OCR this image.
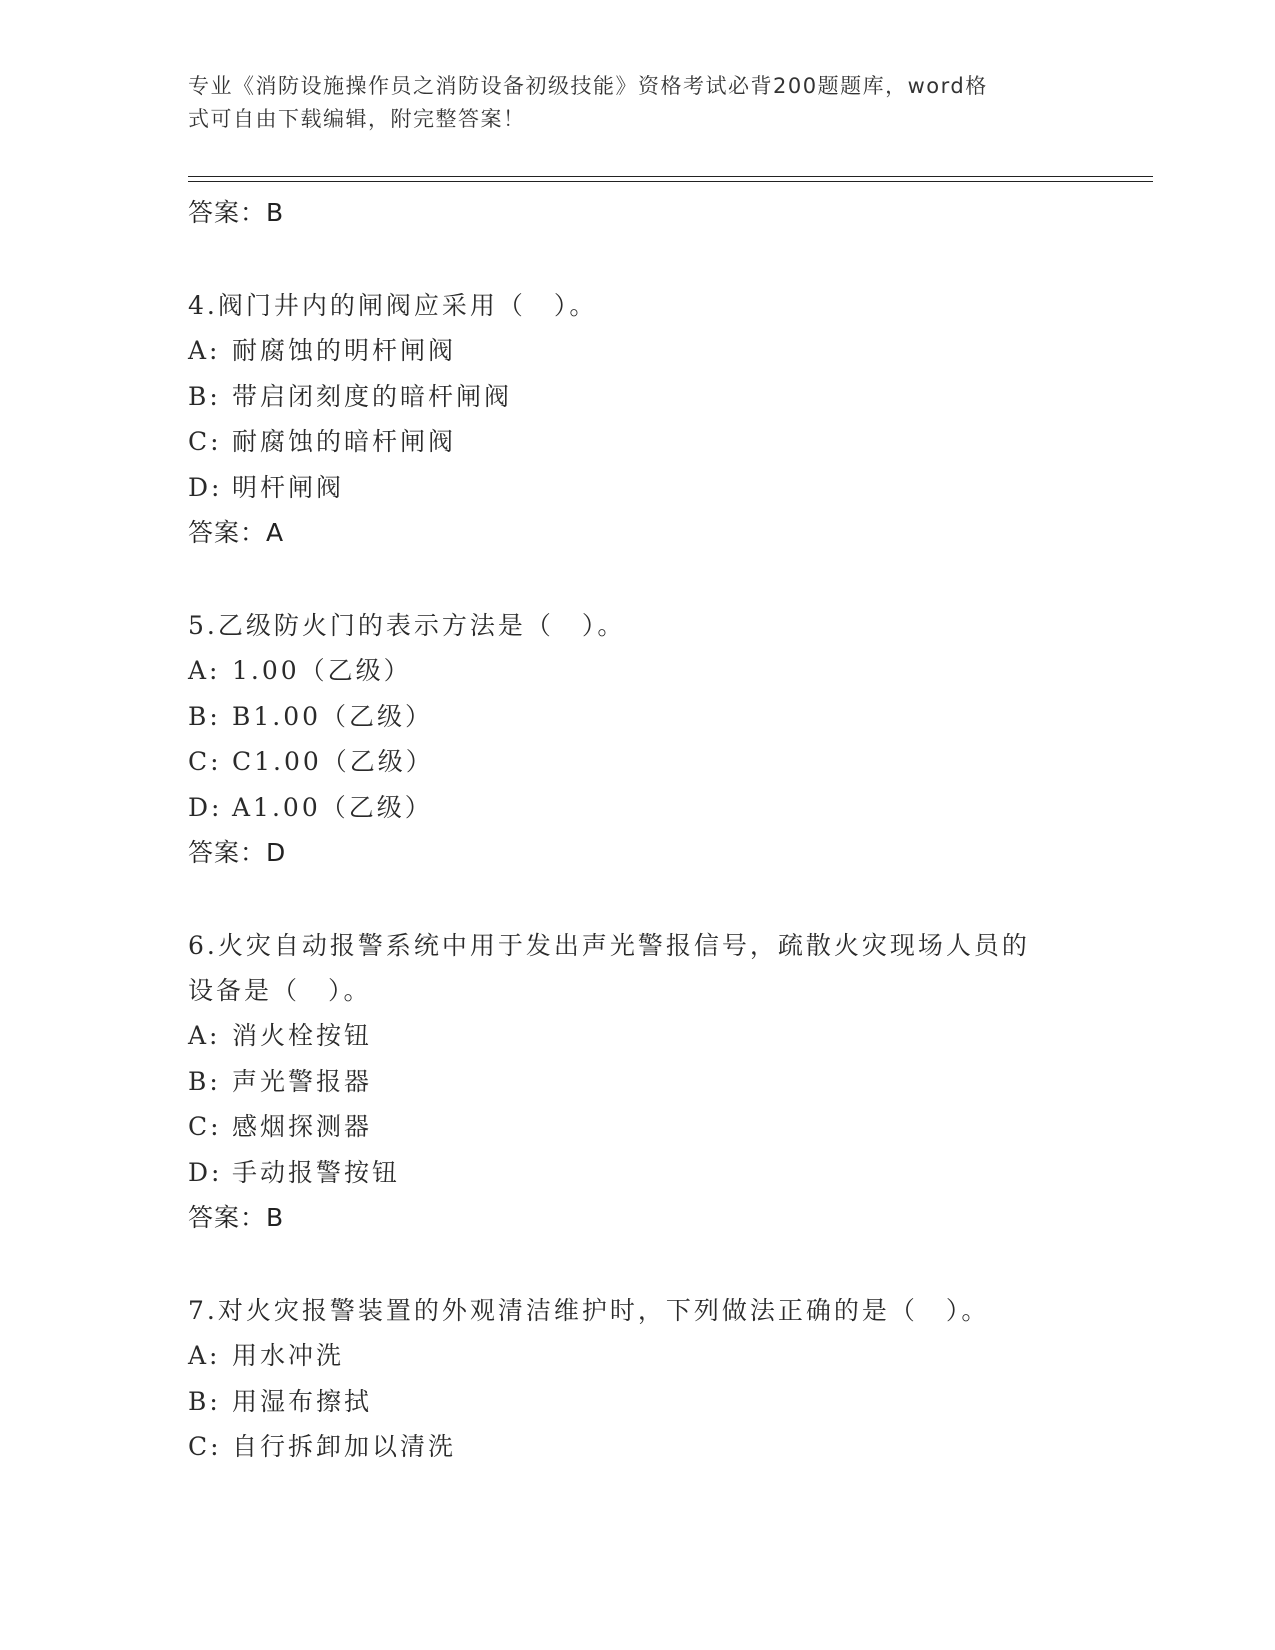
专业《消防设施操作员之消防设备初级技能》资格考试必背200题题库，word格
式可自由下载编辑，附完整答案！
答案：B
4.阀门井内的闸阀应采用（　）。
A: 耐腐蚀的明杆闸阀
B: 带启闭刻度的暗杆闸阀
C: 耐腐蚀的暗杆闸阀
D: 明杆闸阀
答案：A
5.乙级防火门的表示方法是（　）。
A: 1.00（乙级）
B: B1.00（乙级）
C: C1.00（乙级）
D: A1.00（乙级）
答案：D
6.火灾自动报警系统中用于发出声光警报信号，疏散火灾现场人员的设备是（　）。
A: 消火栓按钮
B: 声光警报器
C: 感烟探测器
D: 手动报警按钮
答案：B
7.对火灾报警装置的外观清洁维护时，下列做法正确的是（　）。
A: 用水冲洗
B: 用湿布擦拭
C: 自行拆卸加以清洗
